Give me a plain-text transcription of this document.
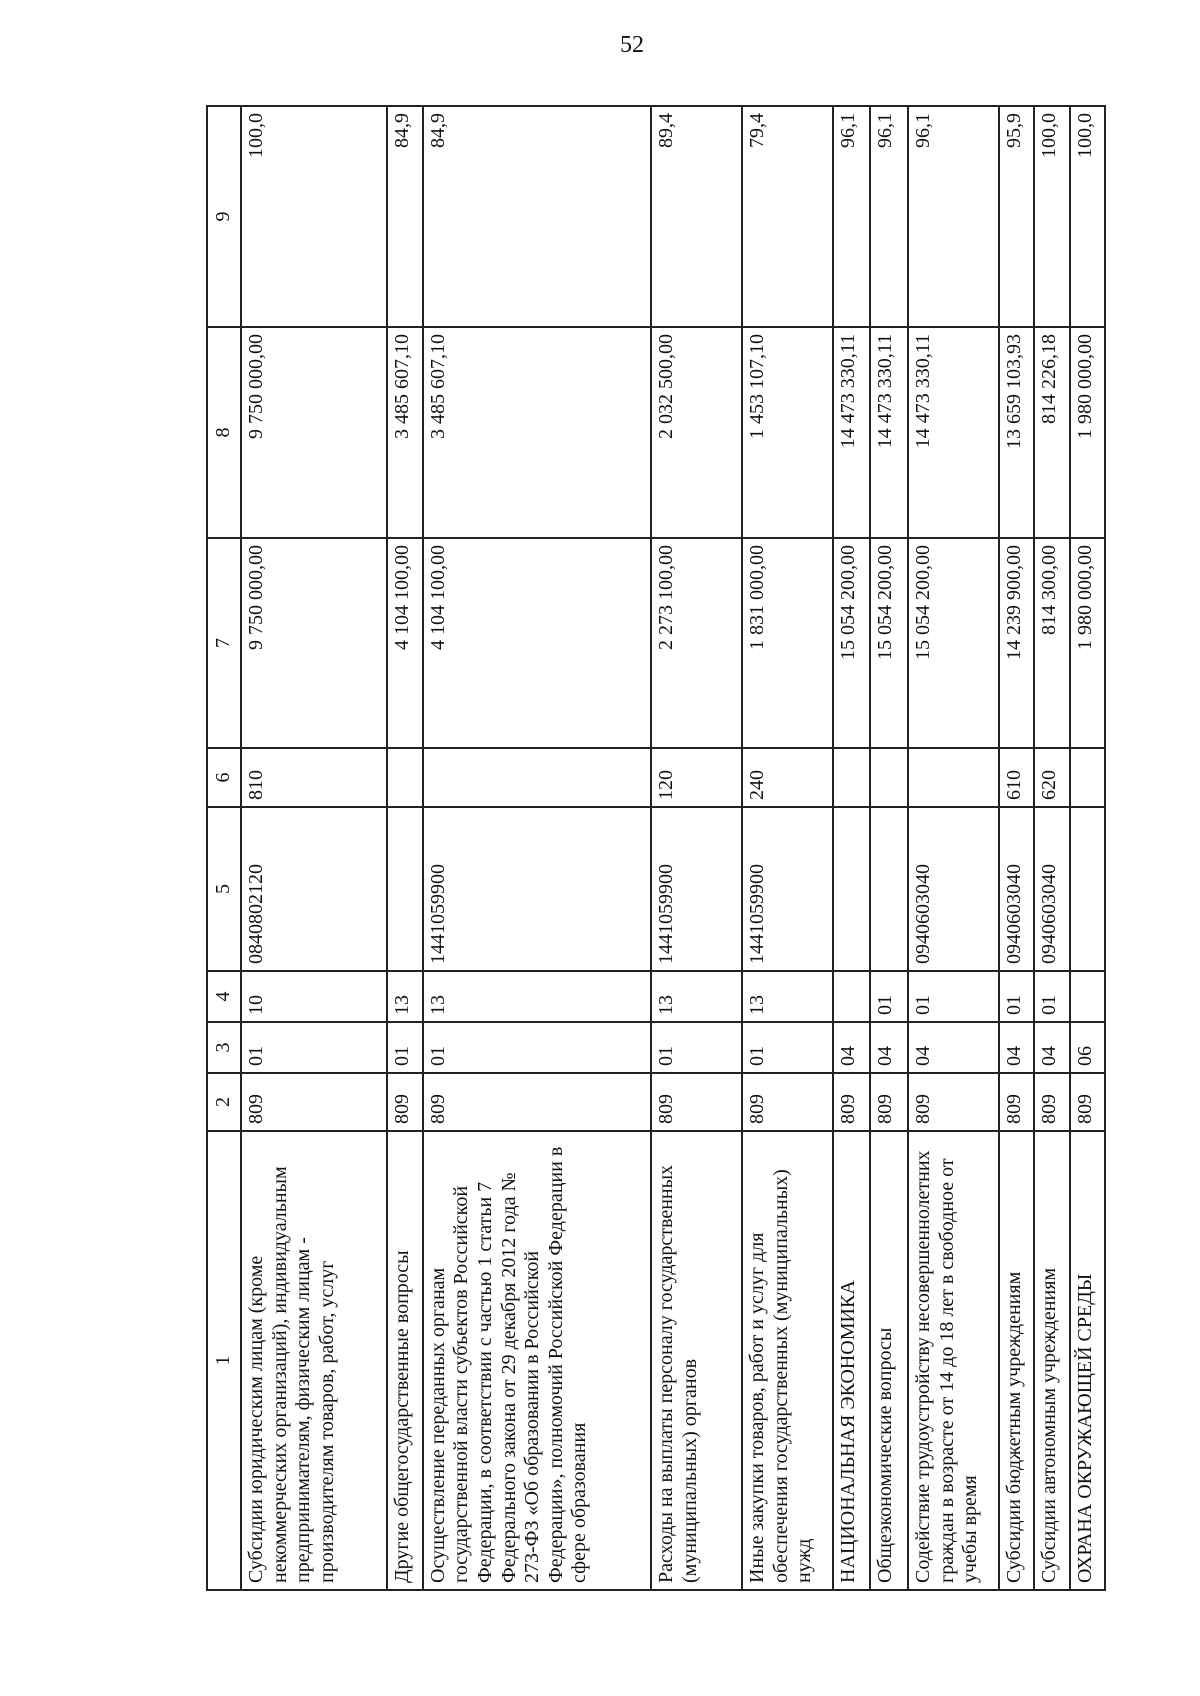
52
1	2	3	4	5	6	7	8	9
Субсидии юридическим лицам (кроме некоммерческих организаций), индивидуальным предпринимателям, физическим лицам - производителям товаров, работ, услуг	809	01	10	0840802120	810	9 750 000,00	9 750 000,00	100,0
Другие общегосударственные вопросы	809	01	13			4 104 100,00	3 485 607,10	84,9
Осуществление переданных органам государственной власти субъектов Российской Федерации, в соответствии с частью 1 статьи 7 Федерального закона от 29 декабря 2012 года № 273-ФЗ «Об образовании в Российской Федерации», полномочий Российской Федерации в сфере образования	809	01	13	1441059900		4 104 100,00	3 485 607,10	84,9
Расходы на выплаты персоналу государственных (муниципальных) органов	809	01	13	1441059900	120	2 273 100,00	2 032 500,00	89,4
Иные закупки товаров, работ и услуг для обеспечения государственных (муниципальных) нужд	809	01	13	1441059900	240	1 831 000,00	1 453 107,10	79,4
НАЦИОНАЛЬНАЯ ЭКОНОМИКА	809	04				15 054 200,00	14 473 330,11	96,1
Общеэкономические вопросы	809	04	01			15 054 200,00	14 473 330,11	96,1
Содействие трудоустройству несовершеннолетних граждан в возрасте от 14 до 18 лет в свободное от учебы время	809	04	01	0940603040		15 054 200,00	14 473 330,11	96,1
Субсидии бюджетным учреждениям	809	04	01	0940603040	610	14 239 900,00	13 659 103,93	95,9
Субсидии автономным учреждениям	809	04	01	0940603040	620	814 300,00	814 226,18	100,0
ОХРАНА ОКРУЖАЮЩЕЙ СРЕДЫ	809	06				1 980 000,00	1 980 000,00	100,0
